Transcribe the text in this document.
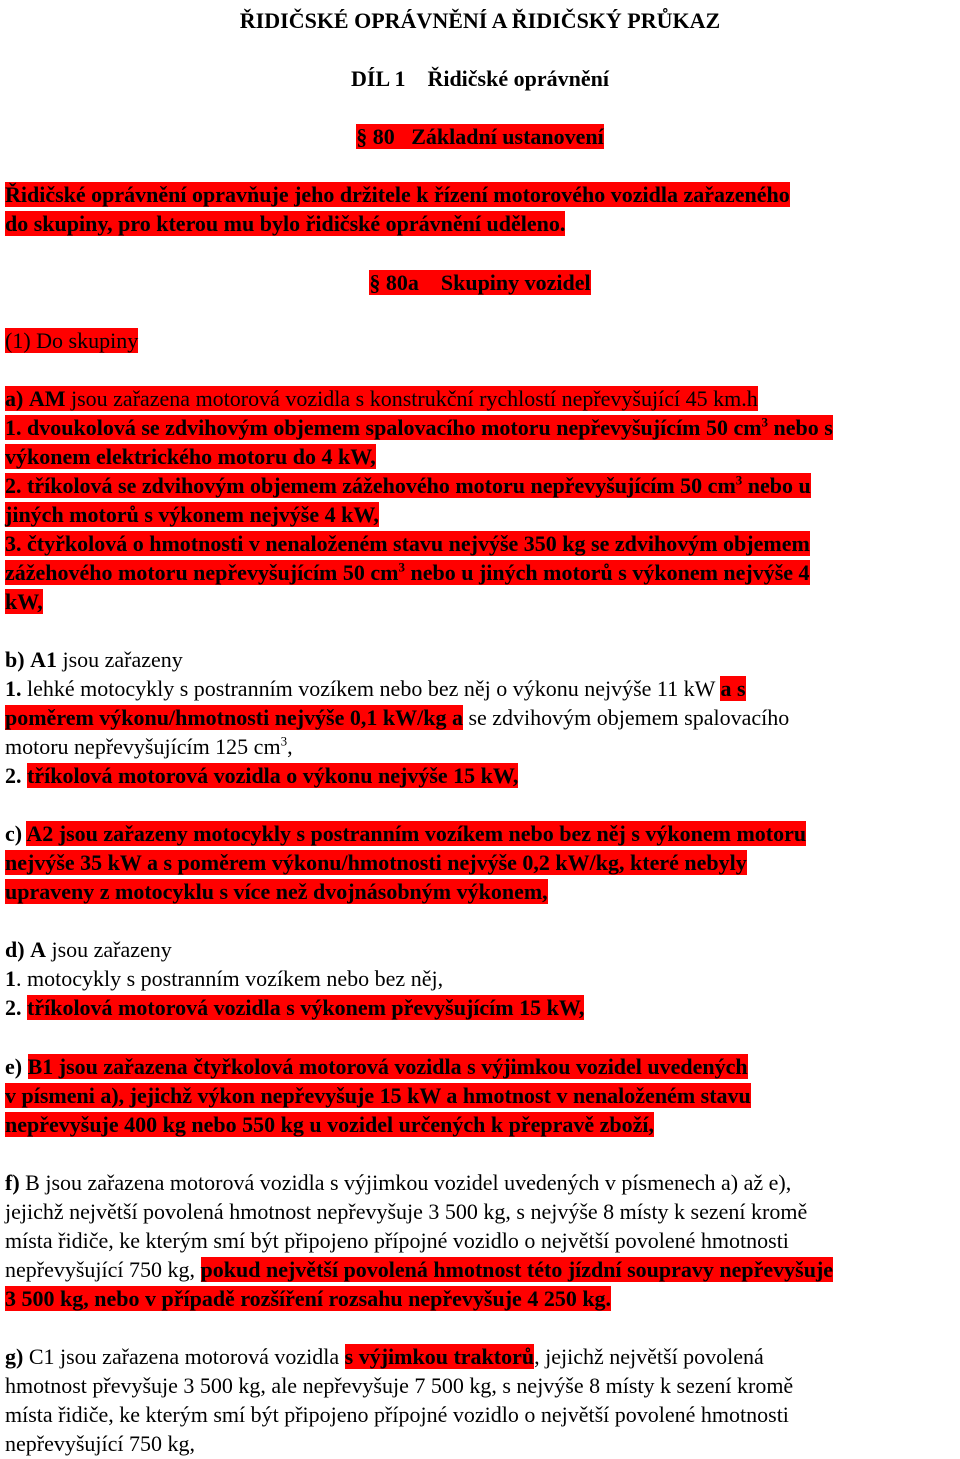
ŘIDIČSKÉ OPRÁVNĚNÍ A ŘIDIČSKÝ PRŮKAZ
DÍL 1    Řidičské oprávnění
§ 80   Základní ustanovení
Řidičské oprávnění opravňuje jeho držitele k řízení motorového vozidla zařazeného
do skupiny, pro kterou mu bylo řidičské oprávnění uděleno.
§ 80a    Skupiny vozidel
(1) Do skupiny
a) AM jsou zařazena motorová vozidla s konstrukční rychlostí nepřevyšující 45 km.h
1. dvoukolová se zdvihovým objemem spalovacího motoru nepřevyšujícím 50 $cm^3$ nebo s
výkonem elektrického motoru do 4 kW,
2. tříkolová se zdvihovým objemem zážehového motoru nepřevyšujícím 50 $cm^3$ nebo u
jiných motorů s výkonem nejvýše 4 kW,
3. čtyřkolová o hmotnosti v nenaloženém stavu nejvýše 350 kg se zdvihovým objemem
zážehového motoru nepřevyšujícím 50 $cm^3$ nebo u jiných motorů s výkonem nejvýše 4
kW,
b) A1 jsou zařazeny
1. lehké motocykly s postranním vozíkem nebo bez něj o výkonu nejvýše 11 kW a s
poměrem výkonu/hmotnosti nejvýše 0,1 kW/kg a se zdvihovým objemem spalovacího
motoru nepřevyšujícím 125 $cm^3$,
2. tříkolová motorová vozidla o výkonu nejvýše 15 kW,
c) A2 jsou zařazeny motocykly s postranním vozíkem nebo bez něj s výkonem motoru
nejvýše 35 kW a s poměrem výkonu/hmotnosti nejvýše 0,2 kW/kg, které nebyly
upraveny z motocyklu s více než dvojnásobným výkonem,
d) A jsou zařazeny
1. motocykly s postranním vozíkem nebo bez něj,
2. tříkolová motorová vozidla s výkonem převyšujícím 15 kW,
e) B1 jsou zařazena čtyřkolová motorová vozidla s výjimkou vozidel uvedených
v písmeni a), jejichž výkon nepřevyšuje 15 kW a hmotnost v nenaloženém stavu
nepřevyšuje 400 kg nebo 550 kg u vozidel určených k přepravě zboží,
f) B jsou zařazena motorová vozidla s výjimkou vozidel uvedených v písmenech a) až e),
jejichž největší povolená hmotnost nepřevyšuje 3 500 kg, s nejvýše 8 místy k sezení kromě
místa řidiče, ke kterým smí být připojeno přípojné vozidlo o největší povolené hmotnosti
nepřevyšující 750 kg, pokud největší povolená hmotnost této jízdní soupravy nepřevyšuje
3 500 kg, nebo v případě rozšíření rozsahu nepřevyšuje 4 250 kg.
g) C1 jsou zařazena motorová vozidla s výjimkou traktorů, jejichž největší povolená
hmotnost převyšuje 3 500 kg, ale nepřevyšuje 7 500 kg, s nejvýše 8 místy k sezení kromě
místa řidiče, ke kterým smí být připojeno přípojné vozidlo o největší povolené hmotnosti
nepřevyšující 750 kg,
